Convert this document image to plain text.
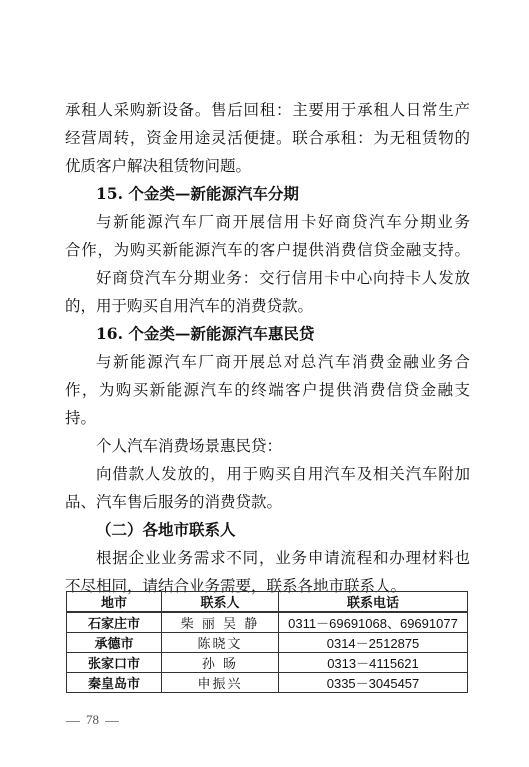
承租人采购新设备。售后回租：主要用于承租人日常生产
经营周转，资金用途灵活便捷。联合承租：为无租赁物的
优质客户解决租赁物问题。
15. 个金类—新能源汽车分期
与新能源汽车厂商开展信用卡好商贷汽车分期业务
合作，为购买新能源汽车的客户提供消费信贷金融支持。
好商贷汽车分期业务：交行信用卡中心向持卡人发放
的，用于购买自用汽车的消费贷款。
16. 个金类—新能源汽车惠民贷
与新能源汽车厂商开展总对总汽车消费金融业务合
作，为购买新能源汽车的终端客户提供消费信贷金融支
持。
个人汽车消费场景惠民贷：
向借款人发放的，用于购买自用汽车及相关汽车附加
品、汽车售后服务的消费贷款。
（二）各地市联系人
根据企业业务需求不同，业务申请流程和办理材料也
不尽相同，请结合业务需要，联系各地市联系人。
地市	联系人	联系电话
石家庄市	柴 丽 吴 静	0311－69691068、69691077
承德市	陈晓文	0314－2512875
张家口市	孙 旸	0313－4115621
秦皇岛市	申振兴	0335－3045457
78
